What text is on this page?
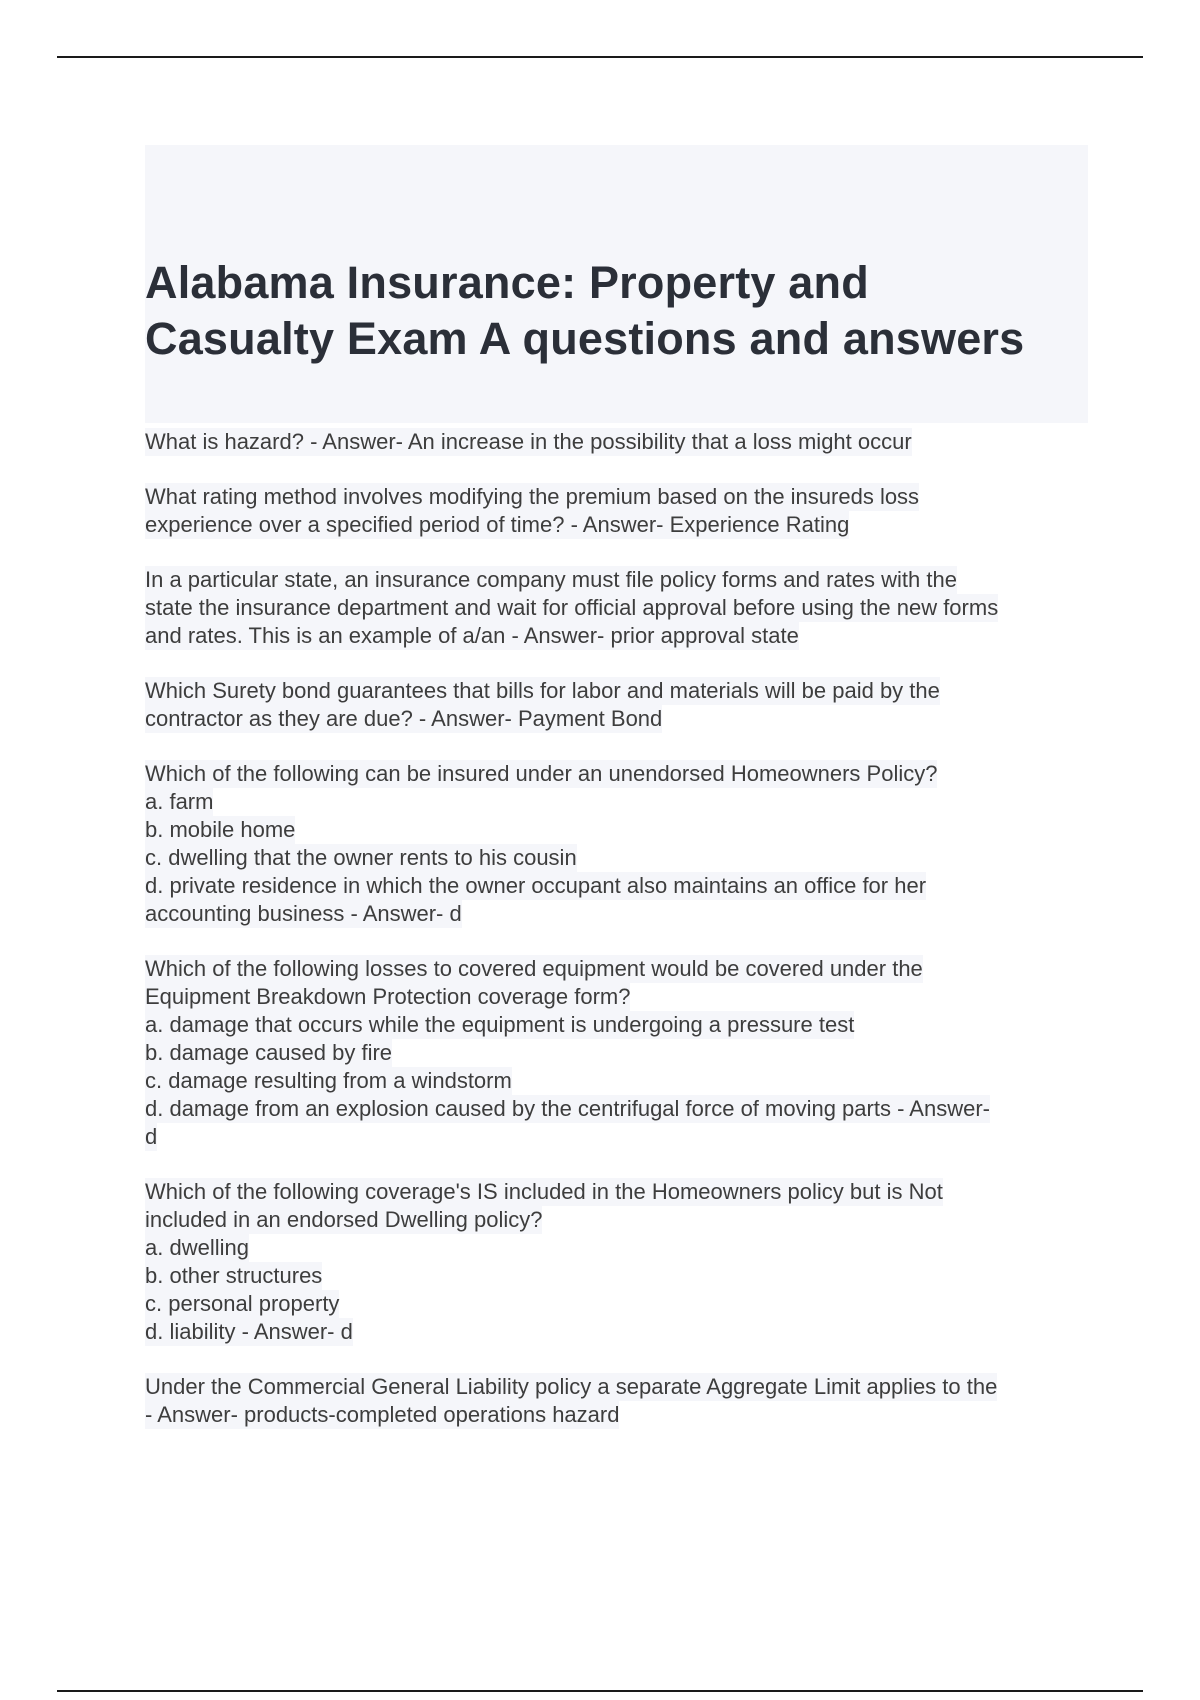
Alabama Insurance: Property and
Casualty Exam A questions and answers

What is hazard? - Answer- An increase in the possibility that a loss might occur

What rating method involves modifying the premium based on the insureds loss
experience over a specified period of time? - Answer- Experience Rating

In a particular state, an insurance company must file policy forms and rates with the
state the insurance department and wait for official approval before using the new forms
and rates. This is an example of a/an - Answer- prior approval state

Which Surety bond guarantees that bills for labor and materials will be paid by the
contractor as they are due? - Answer- Payment Bond

Which of the following can be insured under an unendorsed Homeowners Policy?
a. farm
b. mobile home
c. dwelling that the owner rents to his cousin
d. private residence in which the owner occupant also maintains an office for her
accounting business - Answer- d

Which of the following losses to covered equipment would be covered under the
Equipment Breakdown Protection coverage form?
a. damage that occurs while the equipment is undergoing a pressure test
b. damage caused by fire
c. damage resulting from a windstorm
d. damage from an explosion caused by the centrifugal force of moving parts - Answer-
d

Which of the following coverage's IS included in the Homeowners policy but is Not
included in an endorsed Dwelling policy?
a. dwelling
b. other structures
c. personal property
d. liability - Answer- d

Under the Commercial General Liability policy a separate Aggregate Limit applies to the
- Answer- products-completed operations hazard
